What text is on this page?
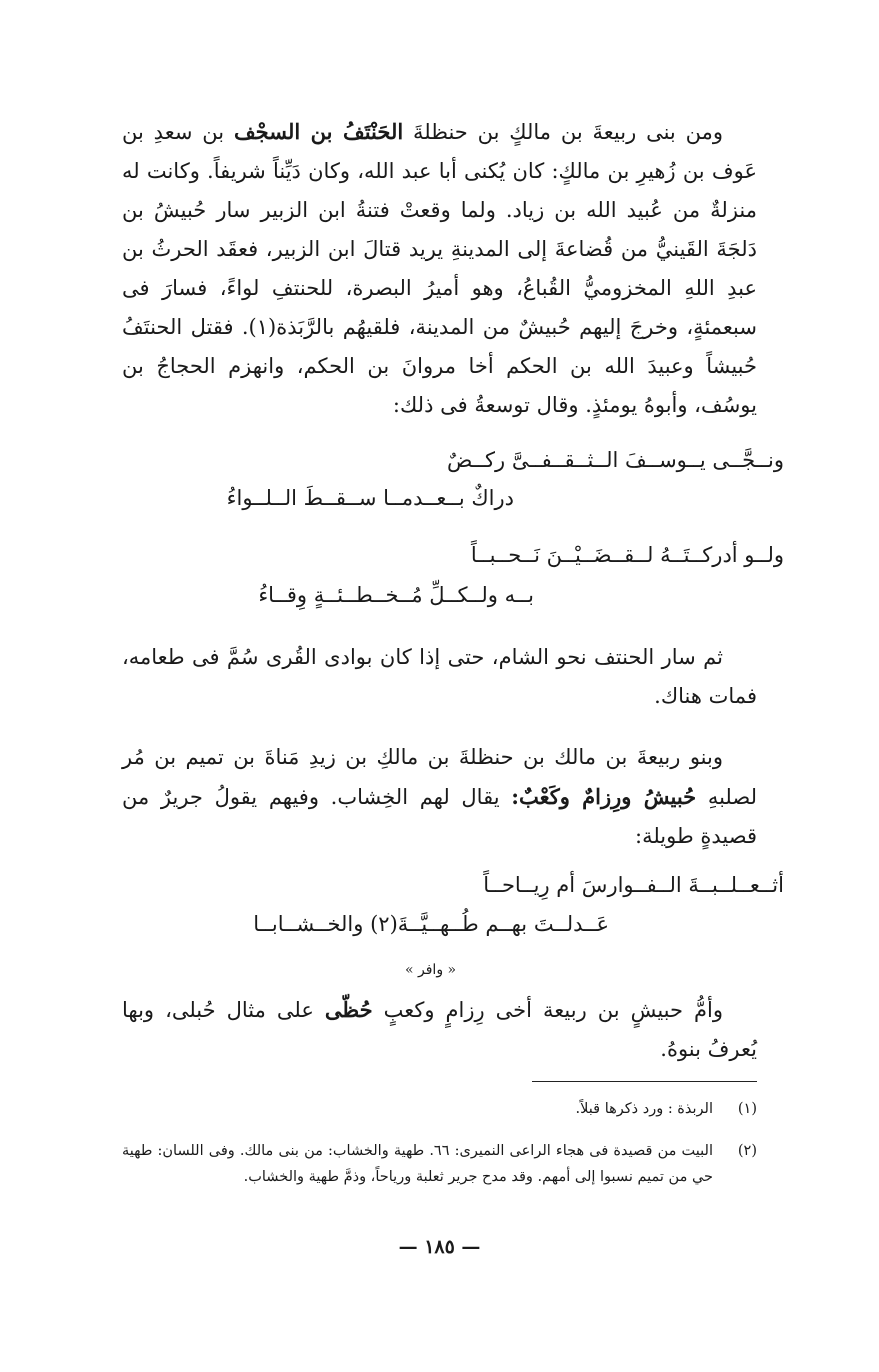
ومن بنى ربيعةَ بن مالكٍ بن حنظلةَ الحَنْتَفُ بن السجْف بن سعدِ بن عَوف بن زُهيرِ بن مالكٍ: كان يُكنى أبا عبد الله، وكان دَيِّناً شريفاً. وكانت له منزلةٌ من عُبيد الله بن زياد. ولما وقعتْ فتنةُ ابن الزبير سار حُبيشُ بن دَلجَةَ القَينيُّ من قُضاعةَ إلى المدينةِ يريد قتالَ ابن الزبير، فعقَد الحرثُ بن عبدِ اللهِ المخزوميُّ القُباعُ، وهو أميرُ البصرة، للحنتفِ لواءً، فسارَ فى سبعمئةٍ، وخرجَ إليهم حُبيشٌ من المدينة، فلقيهُم بالرَّبَذة(١). فقتل الحنتَفُ حُبيشاً وعبيدَ الله بن الحكم أخا مروانَ بن الحكم، وانهزم الحجاجُ بن يوسُف، وأبوهُ يومئذٍ. وقال توسعةُ فى ذلك:

ونــجَّــى يــوســفَ الــثــقــفــىَّ ركــضٌ
دراكٌ بــعــدمــا ســقــطَ الــلــواءُ
ولــو أدركــتَــهُ لــقــضَــيْــنَ نَــحــبــاً
بــه ولــكــلِّ مُــخــطــئــةٍ وِقــاءُ

ثم سار الحنتف نحو الشام، حتى إذا كان بوادى القُرى سُمَّ فى طعامه، فمات هناك.

وبنو ربيعةَ بن مالك بن حنظلةَ بن مالكِ بن زيدِ مَناةَ بن تميم بن مُر لصلبهِ حُبيشُ ورِزامٌ وكَعْبٌ: يقال لهم الخِشاب. وفيهم يقولُ جريرٌ من قصيدةٍ طويلة:

أثــعــلــبــةَ الــفــوارسَ أم رِيــاحــاً
عَــدلــتَ بهــم طُــهــيَّــةَ(٢) والخــشــابــا
« وافر »

وأمُّ حبيشٍ بن ربيعة أخى رِزامٍ وكعبٍ حُظّى على مثال حُبلى، وبها يُعرفُ بنوهُ.

(١)
الربذة : ورد ذكرها قبلاً.
(٢)
البيت من قصيدة فى هجاء الراعى النميرى: ٦٦. طهية والخشاب: من بنى مالك. وفى اللسان: طهية حي من تميم نسبوا إلى أمهم. وقد مدح جرير ثعلبة ورياحاً، وذمَّ طهية والخشاب.
— ١٨٥ —
